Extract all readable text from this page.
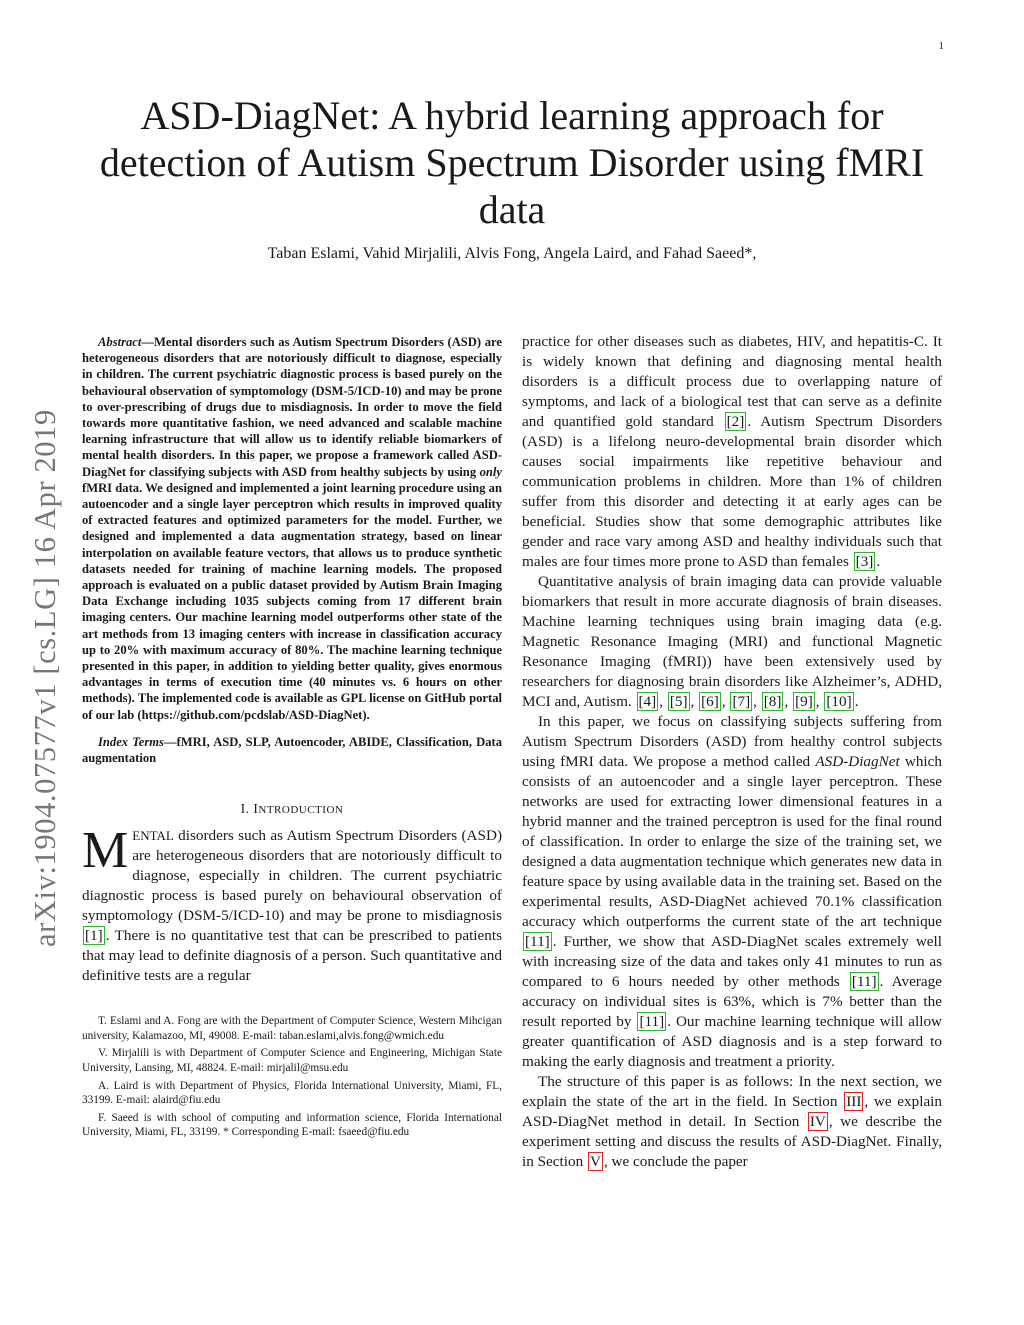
1
arXiv:1904.07577v1 [cs.LG] 16 Apr 2019
ASD-DiagNet: A hybrid learning approach for detection of Autism Spectrum Disorder using fMRI data
Taban Eslami, Vahid Mirjalili, Alvis Fong, Angela Laird, and Fahad Saeed*,

Abstract—Mental disorders such as Autism Spectrum Disorders (ASD) are heterogeneous disorders that are notoriously difficult to diagnose, especially in children. The current psychiatric diagnostic process is based purely on the behavioural observation of symptomology (DSM-5/ICD-10) and may be prone to over-prescribing of drugs due to misdiagnosis. In order to move the field towards more quantitative fashion, we need advanced and scalable machine learning infrastructure that will allow us to identify reliable biomarkers of mental health disorders. In this paper, we propose a framework called ASD-DiagNet for classifying subjects with ASD from healthy subjects by using only fMRI data. We designed and implemented a joint learning procedure using an autoencoder and a single layer perceptron which results in improved quality of extracted features and optimized parameters for the model. Further, we designed and implemented a data augmentation strategy, based on linear interpolation on available feature vectors, that allows us to produce synthetic datasets needed for training of machine learning models. The proposed approach is evaluated on a public dataset provided by Autism Brain Imaging Data Exchange including 1035 subjects coming from 17 different brain imaging centers. Our machine learning model outperforms other state of the art methods from 13 imaging centers with increase in classification accuracy up to 20% with maximum accuracy of 80%. The machine learning technique presented in this paper, in addition to yielding better quality, gives enormous advantages in terms of execution time (40 minutes vs. 6 hours on other methods). The implemented code is available as GPL license on GitHub portal of our lab (https://github.com/pcdslab/ASD-DiagNet).

Index Terms—fMRI, ASD, SLP, Autoencoder, ABIDE, Classification, Data augmentation

I. INTRODUCTION

MENTAL disorders such as Autism Spectrum Disorders (ASD) are heterogeneous disorders that are notoriously difficult to diagnose, especially in children. The current psychiatric diagnostic process is based purely on behavioural observation of symptomology (DSM-5/ICD-10) and may be prone to misdiagnosis [1] . There is no quantitative test that can be prescribed to patients that may lead to definite diagnosis of a person. Such quantitative and definitive tests are a regular

T. Eslami and A. Fong are with the Department of Computer Science, Western Mihcigan university, Kalamazoo, MI, 49008. E-mail: taban.eslami,alvis.fong@wmich.edu

V. Mirjalili is with Department of Computer Science and Engineering, Michigan State University, Lansing, MI, 48824. E-mail: mirjalil@msu.edu

A. Laird is with Department of Physics, Florida International University, Miami, FL, 33199. E-mail: alaird@fiu.edu

F. Saeed is with school of computing and information science, Florida International University, Miami, FL, 33199. * Corresponding E-mail: fsaeed@fiu.edu

practice for other diseases such as diabetes, HIV, and hepatitis-C. It is widely known that defining and diagnosing mental health disorders is a difficult process due to overlapping nature of symptoms, and lack of a biological test that can serve as a definite and quantified gold standard [2] . Autism Spectrum Disorders (ASD) is a lifelong neuro-developmental brain disorder which causes social impairments like repetitive behaviour and communication problems in children. More than 1% of children suffer from this disorder and detecting it at early ages can be beneficial. Studies show that some demographic attributes like gender and race vary among ASD and healthy individuals such that males are four times more prone to ASD than females [3] .

Quantitative analysis of brain imaging data can provide valuable biomarkers that result in more accurate diagnosis of brain diseases. Machine learning techniques using brain imaging data (e.g. Magnetic Resonance Imaging (MRI) and functional Magnetic Resonance Imaging (fMRI)) have been extensively used by researchers for diagnosing brain disorders like Alzheimer’s, ADHD, MCI and, Autism. [4] , [5] , [6] , [7] , [8] , [9] , [10] .

In this paper, we focus on classifying subjects suffering from Autism Spectrum Disorders (ASD) from healthy control subjects using fMRI data. We propose a method called ASD-DiagNet which consists of an autoencoder and a single layer perceptron. These networks are used for extracting lower dimensional features in a hybrid manner and the trained perceptron is used for the final round of classification. In order to enlarge the size of the training set, we designed a data augmentation technique which generates new data in feature space by using available data in the training set. Based on the experimental results, ASD-DiagNet achieved 70.1% classification accuracy which outperforms the current state of the art technique [11] . Further, we show that ASD-DiagNet scales extremely well with increasing size of the data and takes only 41 minutes to run as compared to 6 hours needed by other methods [11] . Average accuracy on individual sites is 63%, which is 7% better than the result reported by [11] . Our machine learning technique will allow greater quantification of ASD diagnosis and is a step forward to making the early diagnosis and treatment a priority.

The structure of this paper is as follows: In the next section, we explain the state of the art in the field. In Section III , we explain ASD-DiagNet method in detail. In Section IV , we describe the experiment setting and discuss the results of ASD-DiagNet. Finally, in Section V , we conclude the paper
